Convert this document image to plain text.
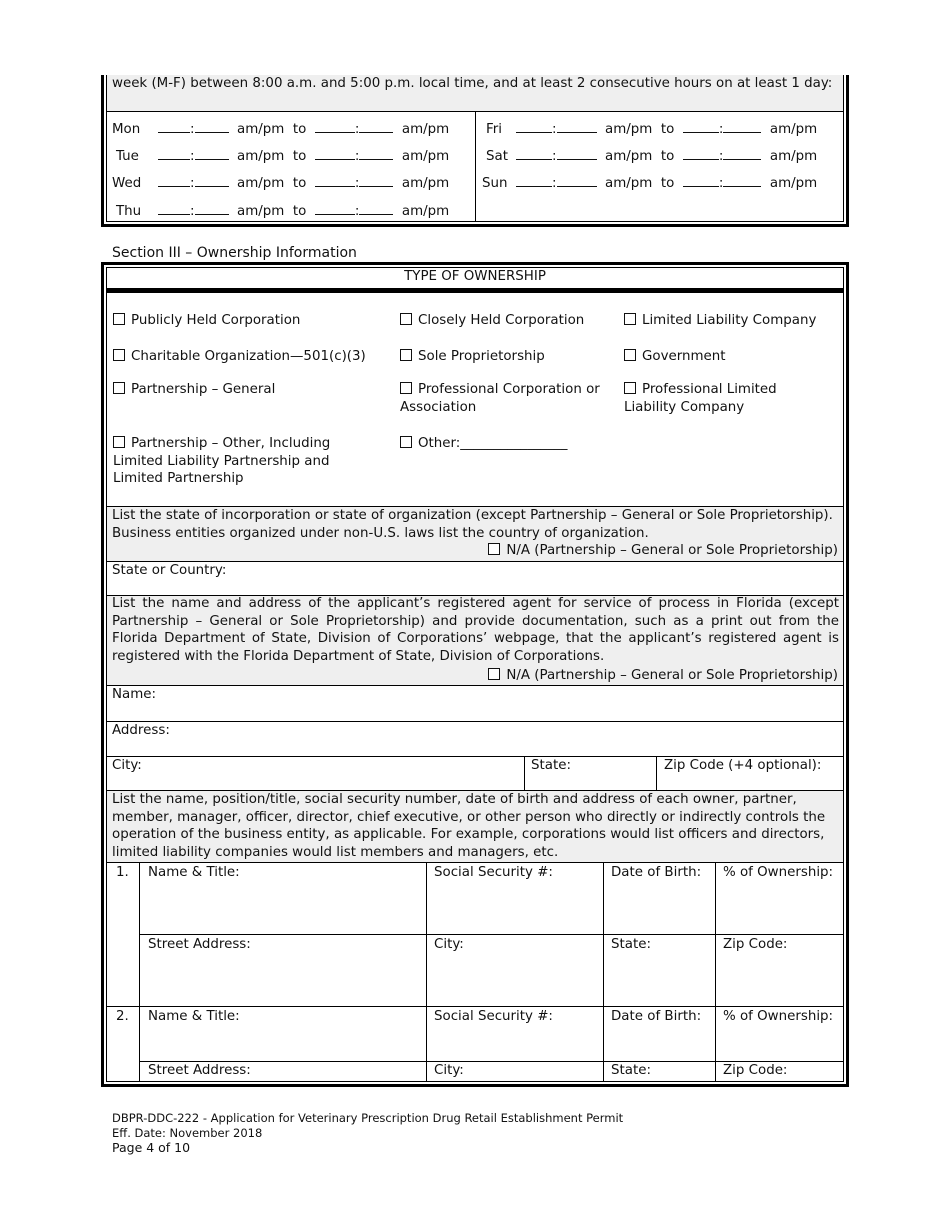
week (M-F) between 8:00 a.m. and 5:00 p.m. local time, and at least 2 consecutive hours on at least 1 day:
Mon	:	am/pm to	:	am/pm
Tue	:	am/pm to	:	am/pm
Wed	:	am/pm to	:	am/pm
Thu	:	am/pm to	:	am/pm
Fri	:	am/pm to	:	am/pm
Sat	:	am/pm to	:	am/pm
Sun	:	am/pm to	:	am/pm
Section III – Ownership Information
TYPE OF OWNERSHIP
Publicly Held Corporation	Closely Held Corporation	Limited Liability Company
Charitable Organization—501(c)(3)	Sole Proprietorship	Government
Partnership – General	Professional Corporation or Association
Professional Limited Liability Company
Partnership – Other, Including Limited Liability Partnership and Limited Partnership
Other:________________
List the state of incorporation or state of organization (except Partnership – General or Sole Proprietorship). Business entities organized under non-U.S. laws list the country of organization.
N/A (Partnership – General or Sole Proprietorship)
State or Country:
List the name and address of the applicant’s registered agent for service of process in Florida (except Partnership – General or Sole Proprietorship) and provide documentation, such as a print out from the Florida Department of State, Division of Corporations’ webpage, that the applicant’s registered agent is registered with the Florida Department of State, Division of Corporations.
N/A (Partnership – General or Sole Proprietorship)
Name:
Address:
City:	State:	Zip Code (+4 optional):
List the name, position/title, social security number, date of birth and address of each owner, partner, member, manager, officer, director, chief executive, or other person who directly or indirectly controls the operation of the business entity, as applicable. For example, corporations would list officers and directors, limited liability companies would list members and managers, etc.
1. Name & Title:	Social Security #:	Date of Birth: % of Ownership:
Street Address:	City:	State:	Zip Code:
2. Name & Title:	Social Security #:	Date of Birth: % of Ownership:
Street Address:	City:	State:	Zip Code:
DBPR-DDC-222 - Application for Veterinary Prescription Drug Retail Establishment Permit
Eff. Date: November 2018
Page 4 of 10
